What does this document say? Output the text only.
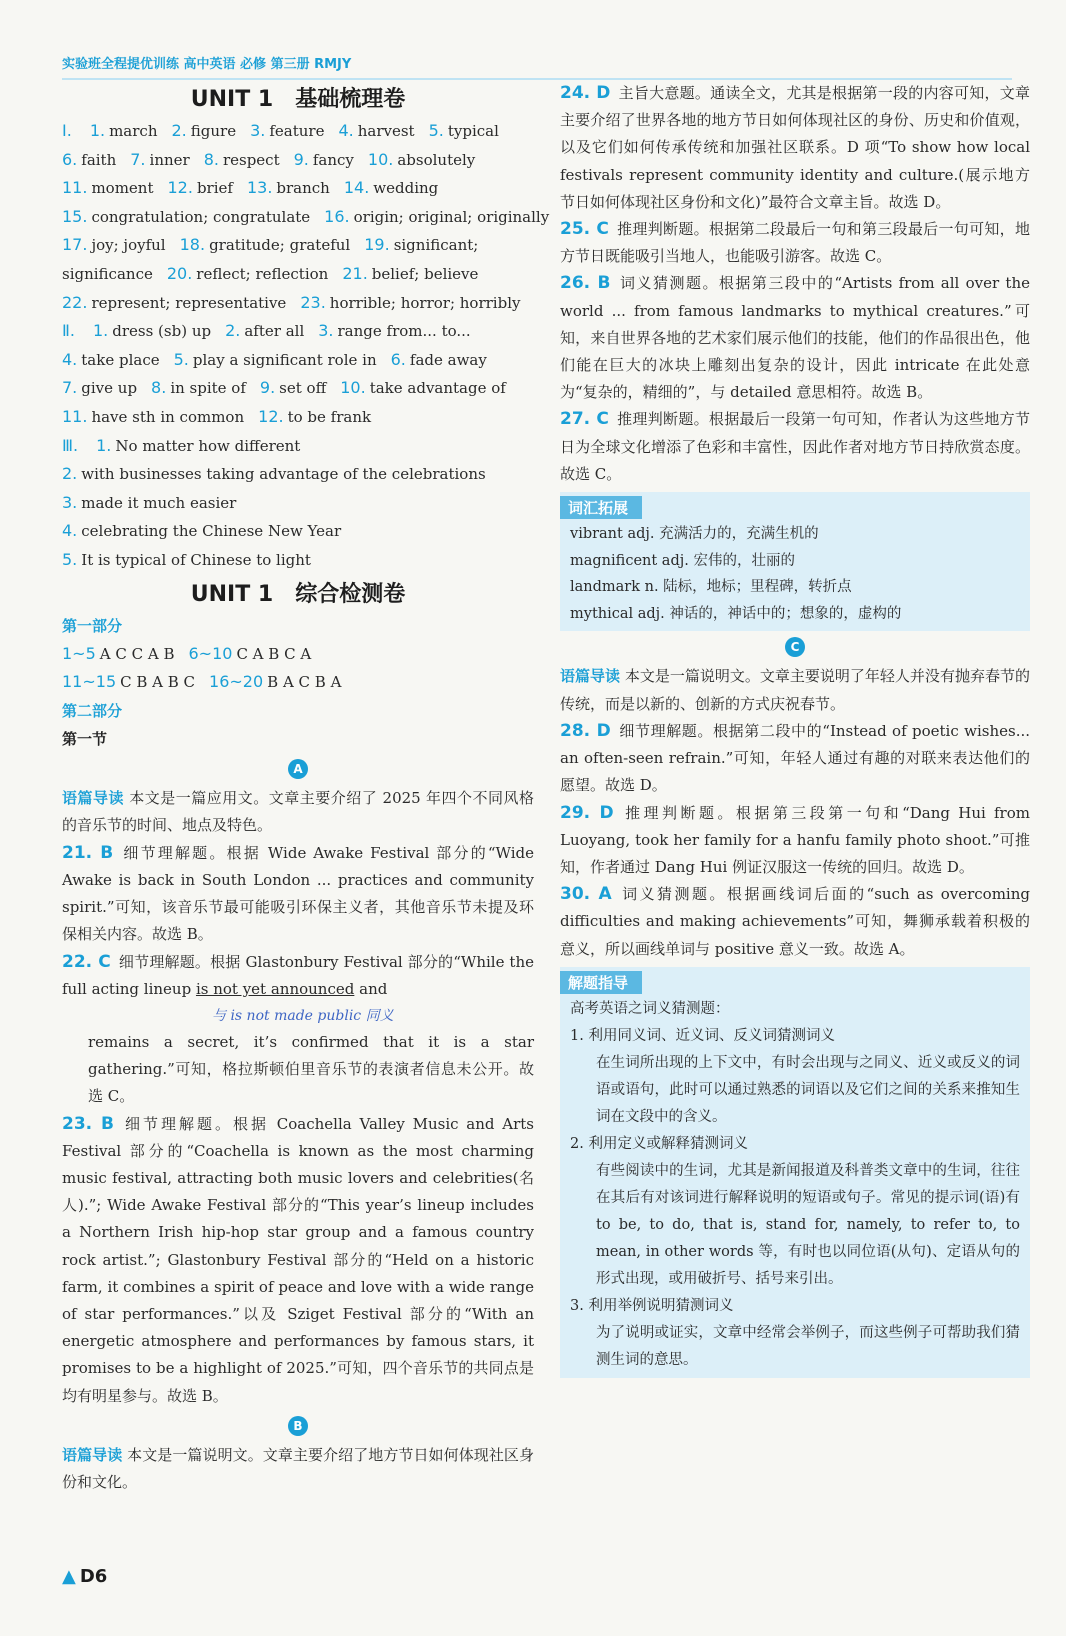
实验班全程提优训练 高中英语 必修 第三册 RMJY
UNIT 1　基础梳理卷
Ⅰ. 1. march 2. figure 3. feature 4. harvest 5. typical
6. faith 7. inner 8. respect 9. fancy 10. absolutely
11. moment 12. brief 13. branch 14. wedding
15. congratulation; congratulate 16. origin; original; originally
17. joy; joyful 18. gratitude; grateful 19. significant;
significance 20. reflect; reflection 21. belief; believe
22. represent; representative 23. horrible; horror; horribly
Ⅱ. 1. dress (sb) up 2. after all 3. range from... to...
4. take place 5. play a significant role in 6. fade away
7. give up 8. in spite of 9. set off 10. take advantage of
11. have sth in common 12. to be frank
Ⅲ. 1. No matter how different
2. with businesses taking advantage of the celebrations
3. made it much easier
4. celebrating the Chinese New Year
5. It is typical of Chinese to light
UNIT 1　综合检测卷
第一部分
1~5 A C C A B 6~10 C A B C A
11~15 C B A B C 16~20 B A C B A
第二部分
第一节
A

语篇导读 本文是一篇应用文。文章主要介绍了 2025 年四个不同风格的音乐节的时间、地点及特色。

21. B 细节理解题。根据 Wide Awake Festival 部分的“Wide Awake is back in South London ... practices and community spirit.”可知，该音乐节最可能吸引环保主义者，其他音乐节未提及环保相关内容。故选 B。

22. C 细节理解题。根据 Glastonbury Festival 部分的“While the full acting lineup is not yet announced and

与 is not made public 同义

remains a secret, it’s confirmed that it is a star gathering.”可知，格拉斯顿伯里音乐节的表演者信息未公开。故选 C。

23. B 细节理解题。根据 Coachella Valley Music and Arts Festival 部分的“Coachella is known as the most charming music festival, attracting both music lovers and celebrities(名人).”; Wide Awake Festival 部分的“This year’s lineup includes a Northern Irish hip-hop star group and a famous country rock artist.”; Glastonbury Festival 部分的“Held on a historic farm, it combines a spirit of peace and love with a wide range of star performances.”以及 Sziget Festival 部分的“With an energetic atmosphere and performances by famous stars, it promises to be a highlight of 2025.”可知，四个音乐节的共同点是均有明星参与。故选 B。

B

语篇导读 本文是一篇说明文。文章主要介绍了地方节日如何体现社区身份和文化。

24. D 主旨大意题。通读全文，尤其是根据第一段的内容可知，文章主要介绍了世界各地的地方节日如何体现社区的身份、历史和价值观，以及它们如何传承传统和加强社区联系。D 项“To show how local festivals represent community identity and culture.(展示地方节日如何体现社区身份和文化)”最符合文章主旨。故选 D。

25. C 推理判断题。根据第二段最后一句和第三段最后一句可知，地方节日既能吸引当地人，也能吸引游客。故选 C。

26. B 词义猜测题。根据第三段中的“Artists from all over the world ... from famous landmarks to mythical creatures.”可知，来自世界各地的艺术家们展示他们的技能，他们的作品很出色，他们能在巨大的冰块上雕刻出复杂的设计，因此 intricate 在此处意为“复杂的，精细的”，与 detailed 意思相符。故选 B。

27. C 推理判断题。根据最后一段第一句可知，作者认为这些地方节日为全球文化增添了色彩和丰富性，因此作者对地方节日持欣赏态度。故选 C。

词汇拓展
vibrant adj. 充满活力的，充满生机的
magnificent adj. 宏伟的，壮丽的
landmark n. 陆标，地标；里程碑，转折点
mythical adj. 神话的，神话中的；想象的，虚构的
C

语篇导读 本文是一篇说明文。文章主要说明了年轻人并没有抛弃春节的传统，而是以新的、创新的方式庆祝春节。

28. D 细节理解题。根据第二段中的“Instead of poetic wishes... an often-seen refrain.”可知，年轻人通过有趣的对联来表达他们的愿望。故选 D。

29. D 推理判断题。根据第三段第一句和“Dang Hui from Luoyang, took her family for a hanfu family photo shoot.”可推知，作者通过 Dang Hui 例证汉服这一传统的回归。故选 D。

30. A 词义猜测题。根据画线词后面的“such as overcoming difficulties and making achievements”可知，舞狮承载着积极的意义，所以画线单词与 positive 意义一致。故选 A。

解题指导

高考英语之词义猜测题：

1. 利用同义词、近义词、反义词猜测词义

在生词所出现的上下文中，有时会出现与之同义、近义或反义的词语或语句，此时可以通过熟悉的词语以及它们之间的关系来推知生词在文段中的含义。

2. 利用定义或解释猜测词义

有些阅读中的生词，尤其是新闻报道及科普类文章中的生词，往往在其后有对该词进行解释说明的短语或句子。常见的提示词(语)有 to be, to do, that is, stand for, namely, to refer to, to mean, in other words 等，有时也以同位语(从句)、定语从句的形式出现，或用破折号、括号来引出。

3. 利用举例说明猜测词义

为了说明或证实，文章中经常会举例子，而这些例子可帮助我们猜测生词的意思。

▲ D6
